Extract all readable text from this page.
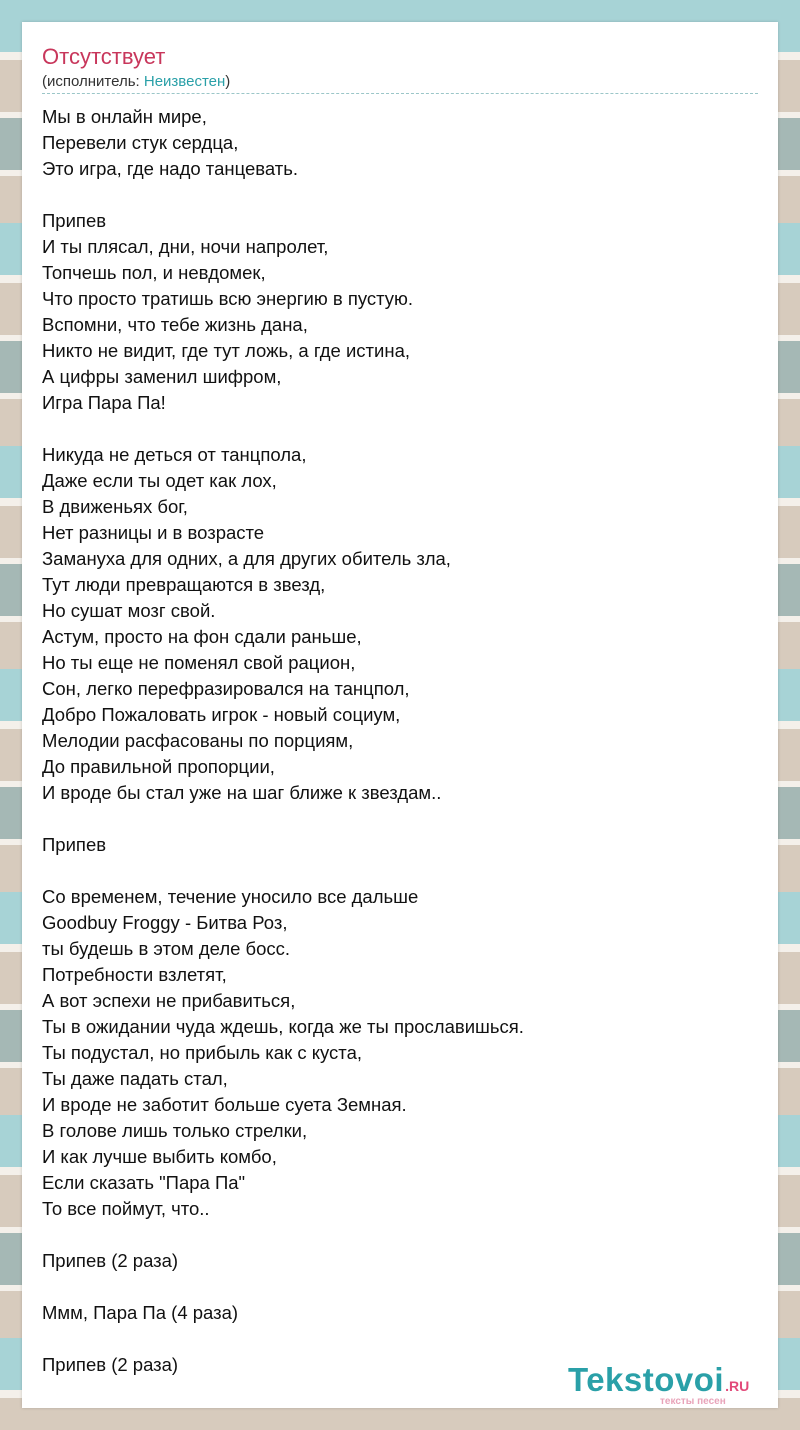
Отсутствует
(исполнитель: Неизвестен)
Мы в онлайн мире,
Перевели стук сердца,
Это игра, где надо танцевать.

Припев
И ты плясал, дни, ночи напролет,
Топчешь пол, и невдомек,
Что просто тратишь всю энергию в пустую.
Вспомни, что тебе жизнь дана,
Никто не видит, где тут ложь, а где истина,
А цифры заменил шифром,
Игра Пара Па!

Никуда не деться от танцпола,
Даже если ты одет как лох,
В движеньях бог,
Нет разницы и в возрасте
Замануха для одних, а для других обитель зла,
Тут люди превращаются в звезд,
Но сушат мозг свой.
Астум, просто на фон сдали раньше,
Но ты еще не поменял свой рацион,
Сон, легко перефразировался на танцпол,
Добро Пожаловать игрок - новый социум,
Мелодии расфасованы по порциям,
До правильной пропорции,
И вроде бы стал уже на шаг ближе к звездам..

Припев

Со временем, течение уносило все дальше
Goodbuy Froggy - Битва Роз,
ты будешь в этом деле босс.
Потребности взлетят,
А вот эспехи не прибавиться,
Ты в ожидании чуда ждешь, когда же ты прославишься.
Ты подустал, но прибыль как с куста,
Ты даже падать стал,
И вроде не заботит больше суета Земная.
В голове лишь только стрелки,
И как лучше выбить комбо,
Если сказать "Пара Па"
То все поймут, что..

Припев (2 раза)

Ммм, Пара Па (4 раза)

Припев (2 раза)	Tekstovoi.RU
тексты песен
